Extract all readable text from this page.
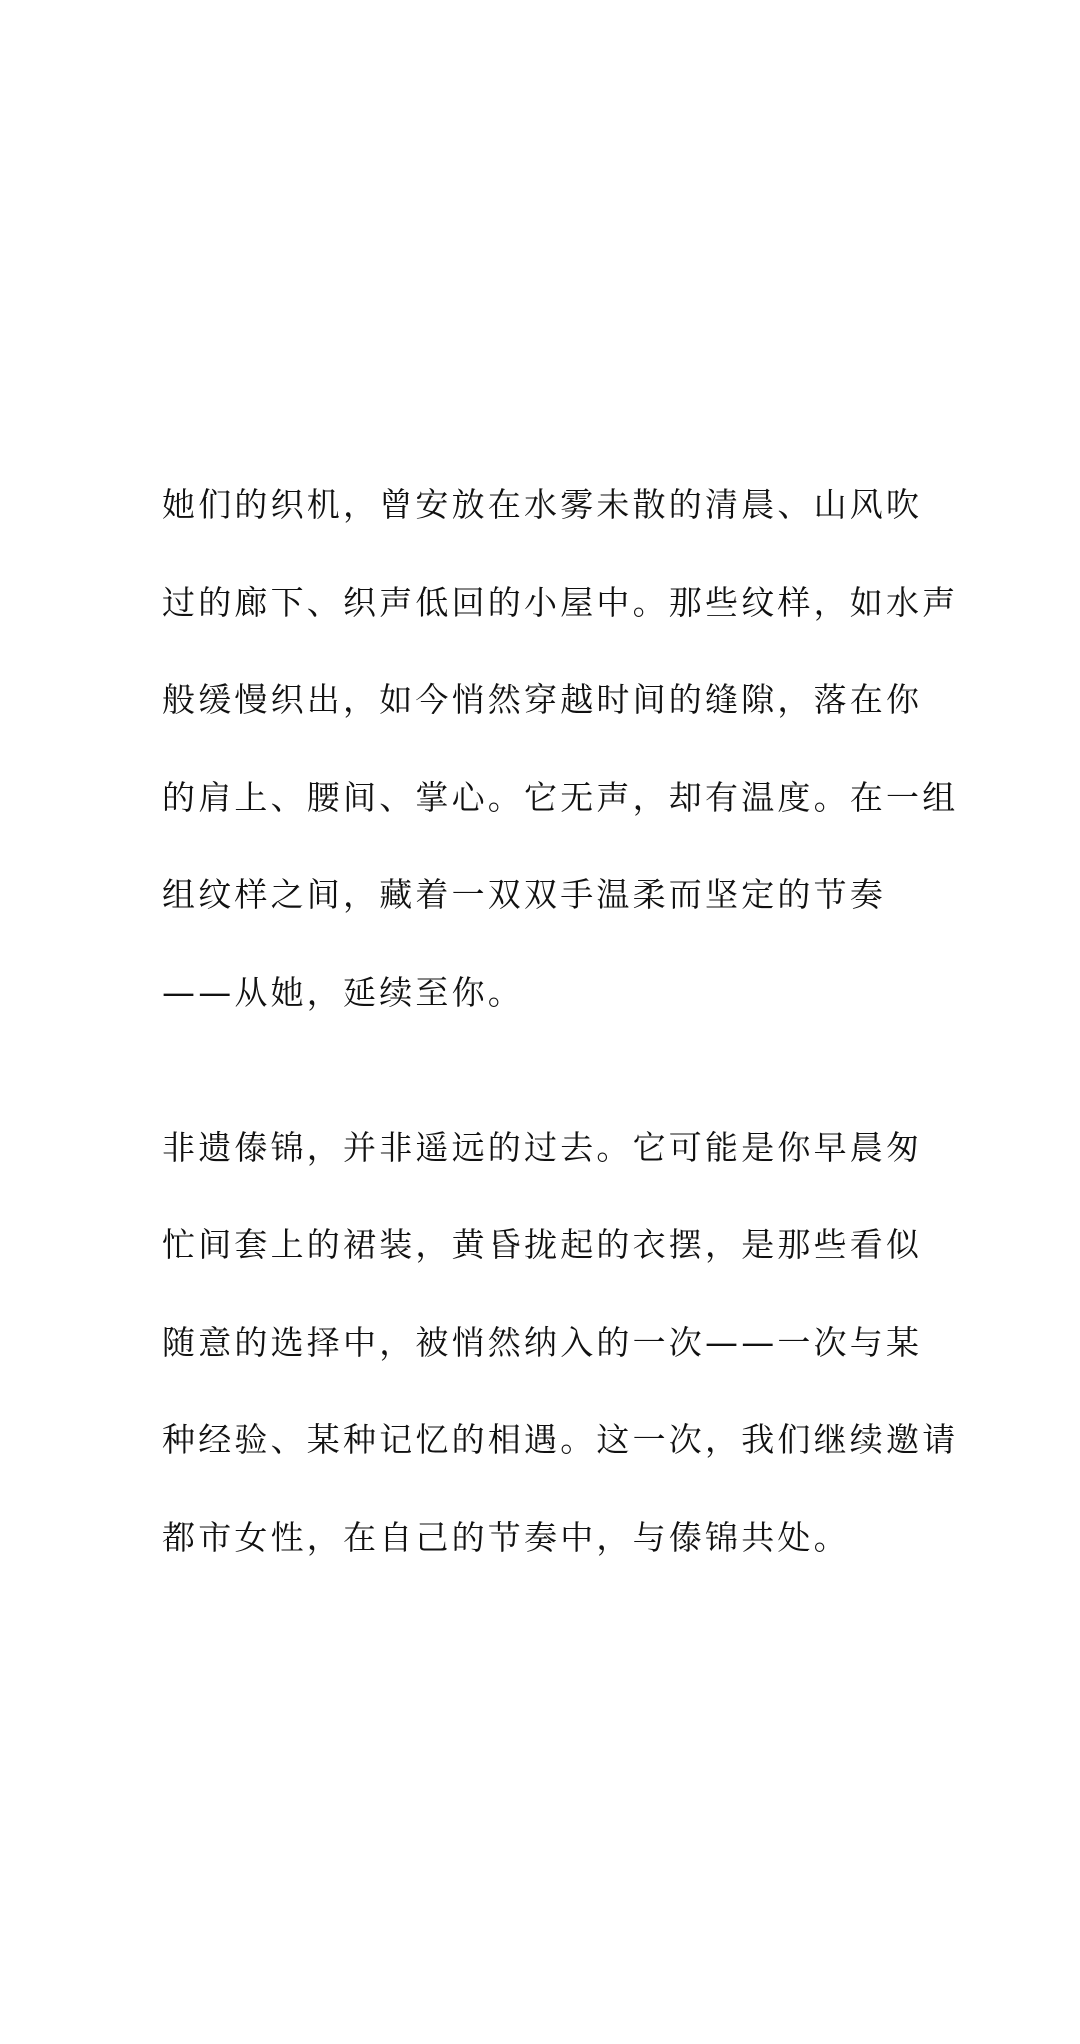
她们的织机，曾安放在水雾未散的清晨、山风吹
过的廊下、织声低回的小屋中。那些纹样，如水声
般缓慢织出，如今悄然穿越时间的缝隙，落在你
的肩上、腰间、掌心。它无声，却有温度。在一组
组纹样之间，藏着一双双手温柔而坚定的节奏
——从她，延续至你。

非遗傣锦，并非遥远的过去。它可能是你早晨匆
忙间套上的裙装，黄昏拢起的衣摆，是那些看似
随意的选择中，被悄然纳入的一次——一次与某
种经验、某种记忆的相遇。这一次，我们继续邀请
都市女性，在自己的节奏中，与傣锦共处。
